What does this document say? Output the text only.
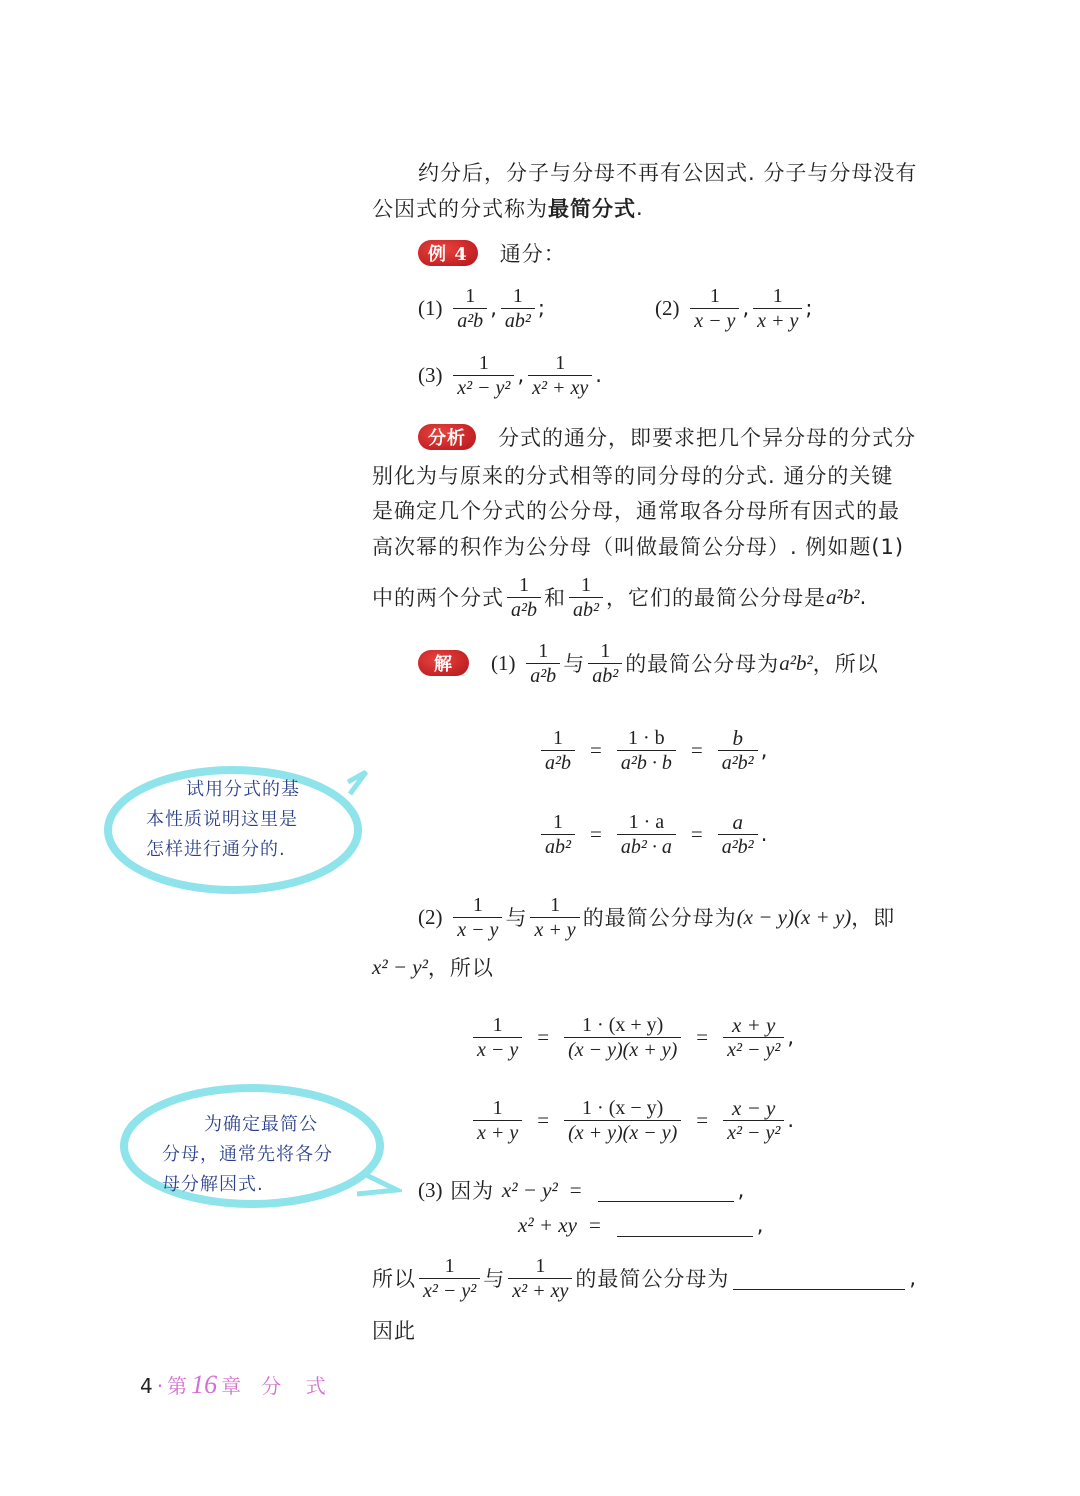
约分后，分子与分母不再有公因式. 分子与分母没有
公因式的分式称为 最简分式 .
例 4	通分：
(1)
$\frac{1}{\text{a²b}}$ , $\frac{1}{\text{ab²}}$ ;	(2)
$\frac{1}{x - y}$ , $\frac{1}{x + y}$ ;
(3)
$\frac{1}{\text{x² − y²}}$ , $\frac{1}{\text{x² + xy}}$ .
分析	分式的通分，即要求把几个异分母的分式分
别化为与原来的分式相等的同分母的分式. 通分的关键
是确定几个分式的公分母，通常取各分母所有因式的最
高次幂的积作为公分母（叫做最简公分母）. 例如题(1)
中的两个分式 $\frac{1}{\text{a²b}}$ 和 $\frac{1}{\text{ab²}}$ ，它们的最简公分母是 a²b² .
解	(1)
$\frac{1}{\text{a²b}}$ 与 $\frac{1}{\text{ab²}}$ 的最简公分母为 a²b² ，所以
$\frac{1}{\text{a²b}} = \frac{1 \cdot b}{\text{a²b · b}} = \frac{b}{\text{a²b²}}$ ,
$\frac{1}{\text{ab²}} = \frac{1 \cdot a}{\text{ab² · a}} = \frac{a}{\text{a²b²}}$ .
(2)
$\frac{1}{x - y}$ 与 $\frac{1}{x + y}$ 的最简公分母为 (x − y)(x + y) ，即
x² − y² ，所以
$\frac{1}{x - y} = \frac{1 \cdot (x + y)}{(x - y)(x + y)} = \frac{x + y}{\text{x² − y²}}$ ,
$\frac{1}{x + y} = \frac{1 \cdot (x - y)}{(x + y)(x - y)} = \frac{x - y}{\text{x² − y²}}$ .
(3)
因为
x² − y² =	,
x² + xy =	,
所以 $\frac{1}{\text{x² − y²}}$ 与 $\frac{1}{\text{x² + xy}}$ 的最简公分母为	,
因此
试用分式的基
本性质说明这里是
怎样进行通分的.
为确定最简公
分母，通常先将各分
母分解因式.
4 · 第 16 章 分  式
